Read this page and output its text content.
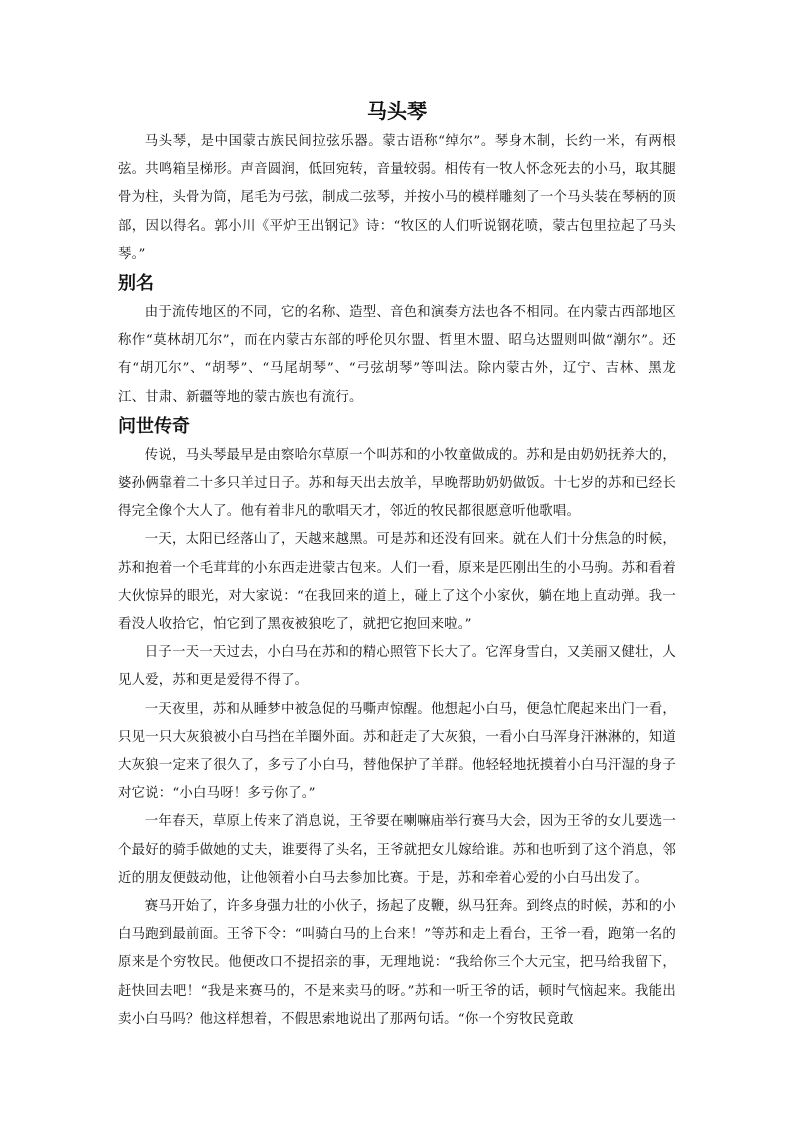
马头琴

马头琴，是中国蒙古族民间拉弦乐器。蒙古语称“绰尔”。琴身木制，长约一米，有两根弦。共鸣箱呈梯形。声音圆润，低回宛转，音量较弱。相传有一牧人怀念死去的小马，取其腿骨为柱，头骨为筒，尾毛为弓弦，制成二弦琴，并按小马的模样雕刻了一个马头装在琴柄的顶部，因以得名。郭小川《平炉王出钢记》诗：“牧区的人们听说钢花喷，蒙古包里拉起了马头琴。”

别名

由于流传地区的不同，它的名称、造型、音色和演奏方法也各不相同。在内蒙古西部地区称作“莫林胡兀尔”，而在内蒙古东部的呼伦贝尔盟、哲里木盟、昭乌达盟则叫做“潮尔”。还有“胡兀尔”、“胡琴”、“马尾胡琴”、“弓弦胡琴”等叫法。除内蒙古外，辽宁、吉林、黑龙江、甘肃、新疆等地的蒙古族也有流行。

问世传奇

传说，马头琴最早是由察哈尔草原一个叫苏和的小牧童做成的。苏和是由奶奶抚养大的，婆孙俩靠着二十多只羊过日子。苏和每天出去放羊，早晚帮助奶奶做饭。十七岁的苏和已经长得完全像个大人了。他有着非凡的歌唱天才，邻近的牧民都很愿意听他歌唱。

一天，太阳已经落山了，天越来越黑。可是苏和还没有回来。就在人们十分焦急的时候，苏和抱着一个毛茸茸的小东西走进蒙古包来。人们一看，原来是匹刚出生的小马驹。苏和看着大伙惊异的眼光，对大家说：“在我回来的道上，碰上了这个小家伙，躺在地上直动弹。我一看没人收拾它，怕它到了黑夜被狼吃了，就把它抱回来啦。”

日子一天一天过去，小白马在苏和的精心照管下长大了。它浑身雪白，又美丽又健壮，人见人爱，苏和更是爱得不得了。

一天夜里，苏和从睡梦中被急促的马嘶声惊醒。他想起小白马，便急忙爬起来出门一看，只见一只大灰狼被小白马挡在羊圈外面。苏和赶走了大灰狼，一看小白马浑身汗淋淋的，知道大灰狼一定来了很久了，多亏了小白马，替他保护了羊群。他轻轻地抚摸着小白马汗湿的身子对它说：“小白马呀！多亏你了。”

一年春天，草原上传来了消息说，王爷要在喇嘛庙举行赛马大会，因为王爷的女儿要选一个最好的骑手做她的丈夫，谁要得了头名，王爷就把女儿嫁给谁。苏和也听到了这个消息，邻近的朋友便鼓动他，让他领着小白马去参加比赛。于是，苏和牵着心爱的小白马出发了。

赛马开始了，许多身强力壮的小伙子，扬起了皮鞭，纵马狂奔。到终点的时候，苏和的小白马跑到最前面。王爷下令：“叫骑白马的上台来！”等苏和走上看台，王爷一看，跑第一名的原来是个穷牧民。他便改口不提招亲的事，无理地说：“我给你三个大元宝，把马给我留下，赶快回去吧！“我是来赛马的，不是来卖马的呀。”苏和一听王爷的话，顿时气恼起来。我能出卖小白马吗？他这样想着，不假思索地说出了那两句话。“你一个穷牧民竟敢
